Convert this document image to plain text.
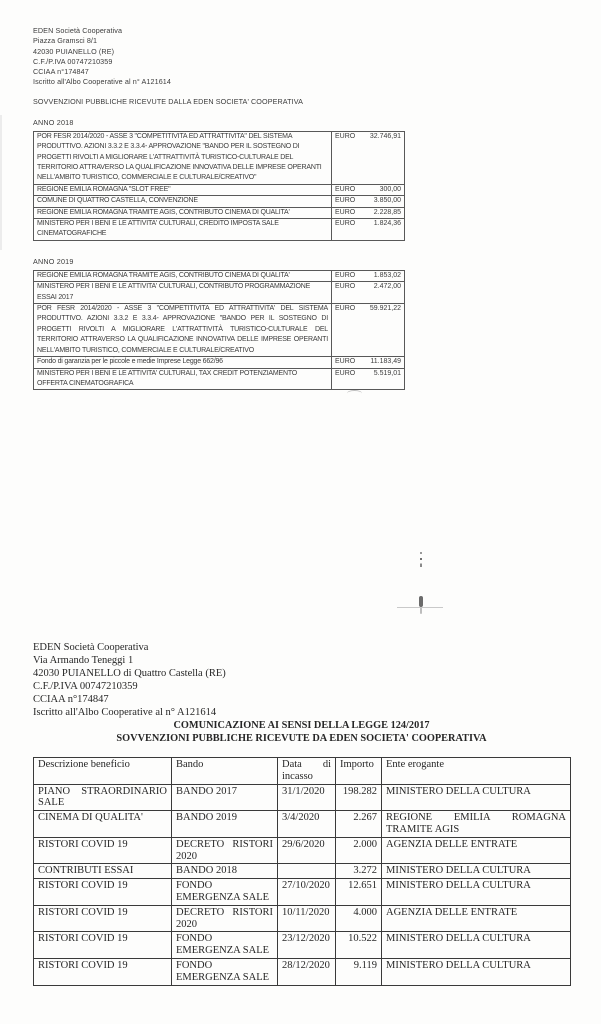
EDEN Società Cooperativa
Piazza Gramsci 8/1
42030 PUIANELLO (RE)
C.F./P.IVA 00747210359
CCIAA n°174847
Iscritto all'Albo Cooperative al n° A121614
SOVVENZIONI PUBBLICHE RICEVUTE DALLA EDEN SOCIETA' COOPERATIVA
ANNO 2018
POR FESR 2014/2020 - ASSE 3 "COMPETITIVITA ED ATTRATTIVITA" DEL SISTEMA PRODUTTIVO. AZIONI 3.3.2 E 3.3.4- APPROVAZIONE "BANDO PER IL SOSTEGNO DI PROGETTI RIVOLTI A MIGLIORARE L'ATTRATTIVITÀ TURISTICO-CULTURALE DEL TERRITORIO ATTRAVERSO LA QUALIFICAZIONE INNOVATIVA DELLE IMPRESE OPERANTI NELL'AMBITO TURISTICO, COMMERCIALE E CULTURALE/CREATIVO"	EURO 32.746,91

REGIONE EMILIA ROMAGNA "SLOT FREE"	EURO 300,00

COMUNE DI QUATTRO CASTELLA, CONVENZIONE	EURO 3.850,00

REGIONE EMILIA ROMAGNA TRAMITE AGIS, CONTRIBUTO CINEMA DI QUALITA'	EURO 2.228,85

MINISTERO PER I BENI E LE ATTIVITA' CULTURALI, CREDITO IMPOSTA SALE CINEMATOGRAFICHE	EURO 1.824,36
ANNO 2019
REGIONE EMILIA ROMAGNA TRAMITE AGIS, CONTRIBUTO CINEMA DI QUALITA'	EURO 1.853,02

MINISTERO PER I BENI E LE ATTIVITA' CULTURALI, CONTRIBUTO PROGRAMMAZIONE ESSAI 2017	EURO 2.472,00

POR FESR 2014/2020 - ASSE 3 "COMPETITIVITA ED ATTRATTIVITA' DEL SISTEMA PRODUTTIVO. AZIONI 3.3.2 E 3.3.4- APPROVAZIONE "BANDO PER IL SOSTEGNO DI PROGETTI RIVOLTI A MIGLIORARE L'ATTRATTIVITÀ TURISTICO-CULTURALE DEL TERRITORIO ATTRAVERSO LA QUALIFICAZIONE INNOVATIVA DELLE IMPRESE OPERANTI NELL'AMBITO TURISTICO, COMMERCIALE E CULTURALE/CREATIVO	EURO 59.921,22

Fondo di garanzia per le piccole e medie Imprese Legge 662/96	EURO 11.183,49

MINISTERO PER I BENI E LE ATTIVITA' CULTURALI, TAX CREDIT POTENZIAMENTO OFFERTA CINEMATOGRAFICA	EURO 5.519,01
EDEN Società Cooperativa
Via Armando Teneggi 1
42030 PUIANELLO di Quattro Castella (RE)
C.F./P.IVA 00747210359
CCIAA n°174847
Iscritto all'Albo Cooperative al n° A121614
COMUNICAZIONE AI SENSI DELLA LEGGE 124/2017
SOVVENZIONI PUBBLICHE RICEVUTE DA EDEN SOCIETA' COOPERATIVA
Descrizione beneficio	Bando	Data di incasso	Importo	Ente erogante
PIANO STRAORDINARIO SALE	BANDO 2017	31/1/2020	198.282	MINISTERO DELLA CULTURA
CINEMA DI QUALITA'	BANDO 2019	3/4/2020	2.267	REGIONE EMILIA ROMAGNA TRAMITE AGIS
RISTORI COVID 19	DECRETO RISTORI 2020	29/6/2020	2.000	AGENZIA DELLE ENTRATE
CONTRIBUTI ESSAI	BANDO 2018		3.272	MINISTERO DELLA CULTURA
RISTORI COVID 19	FONDO EMERGENZA SALE	27/10/2020	12.651	MINISTERO DELLA CULTURA
RISTORI COVID 19	DECRETO RISTORI 2020	10/11/2020	4.000	AGENZIA DELLE ENTRATE
RISTORI COVID 19	FONDO EMERGENZA SALE	23/12/2020	10.522	MINISTERO DELLA CULTURA
RISTORI COVID 19	FONDO EMERGENZA SALE	28/12/2020	9.119	MINISTERO DELLA CULTURA
